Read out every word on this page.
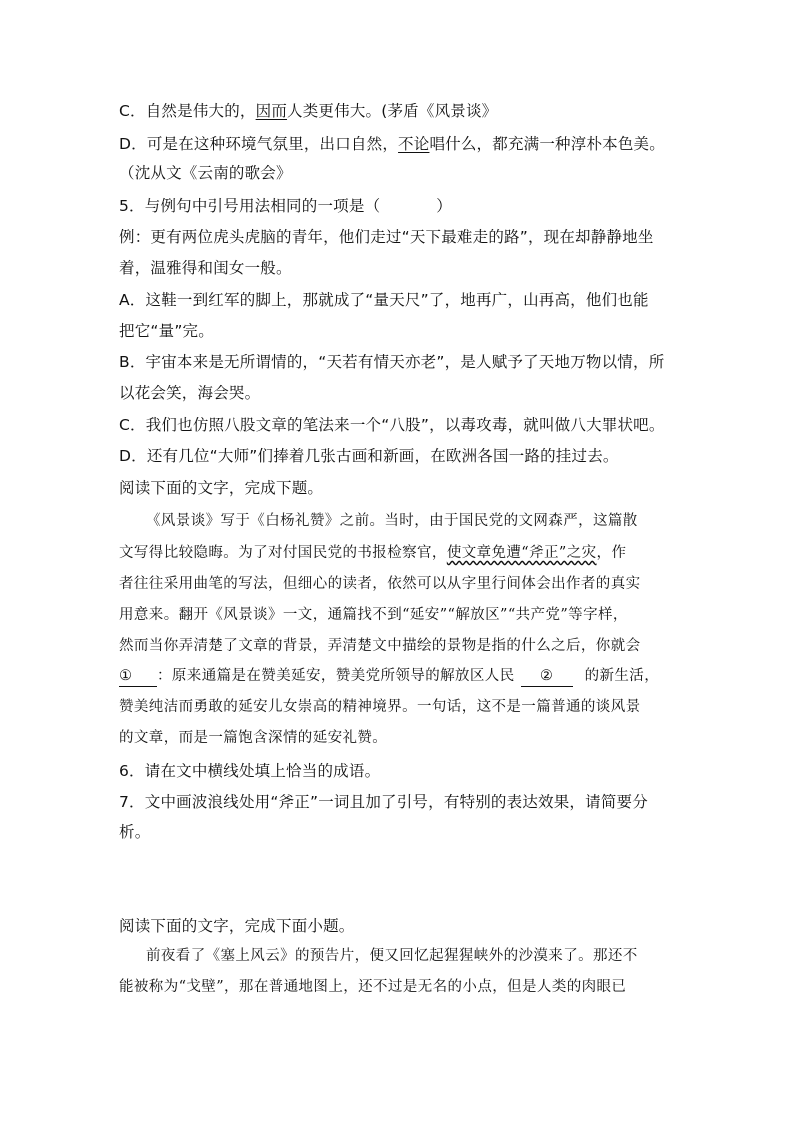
C．自然是伟大的，因而人类更伟大。(茅盾《风景谈》
D．可是在这种环境气氛里，出口自然，不论唱什么，都充满一种淳朴本色美。
（沈从文《云南的歌会》
5．与例句中引号用法相同的一项是（	）
例：更有两位虎头虎脑的青年，他们走过“天下最难走的路”，现在却静静地坐
着，温雅得和闺女一般。
A．这鞋一到红军的脚上，那就成了“量天尺”了，地再广，山再高，他们也能
把它“量”完。
B．宇宙本来是无所谓情的，“天若有情天亦老”，是人赋予了天地万物以情，所
以花会笑，海会哭。
C．我们也仿照八股文章的笔法来一个“八股”，以毒攻毒，就叫做八大罪状吧。
D．还有几位“大师”们捧着几张古画和新画，在欧洲各国一路的挂过去。
阅读下面的文字，完成下题。
《风景谈》写于《白杨礼赞》之前。当时，由于国民党的文网森严，这篇散
文写得比较隐晦。为了对付国民党的书报检察官，使文章免遭“斧正”之灾，作
者往往采用曲笔的写法，但细心的读者，依然可以从字里行间体会出作者的真实
用意来。翻开《风景谈》一文，通篇找不到“延安”“解放区”“共产党”等字样，
然而当你弄清楚了文章的背景，弄清楚文中描绘的景物是指的什么之后，你就会
① ：原来通篇是在赞美延安，赞美党所领导的解放区人民 ② 的新生活，
赞美纯洁而勇敢的延安儿女崇高的精神境界。一句话，这不是一篇普通的谈风景
的文章，而是一篇饱含深情的延安礼赞。
6．请在文中横线处填上恰当的成语。
7．文中画波浪线处用“斧正”一词且加了引号，有特别的表达效果，请简要分
析。
阅读下面的文字，完成下面小题。
前夜看了《塞上风云》的预告片，便又回忆起猩猩峡外的沙漠来了。那还不
能被称为“戈壁”，那在普通地图上，还不过是无名的小点，但是人类的肉眼已
